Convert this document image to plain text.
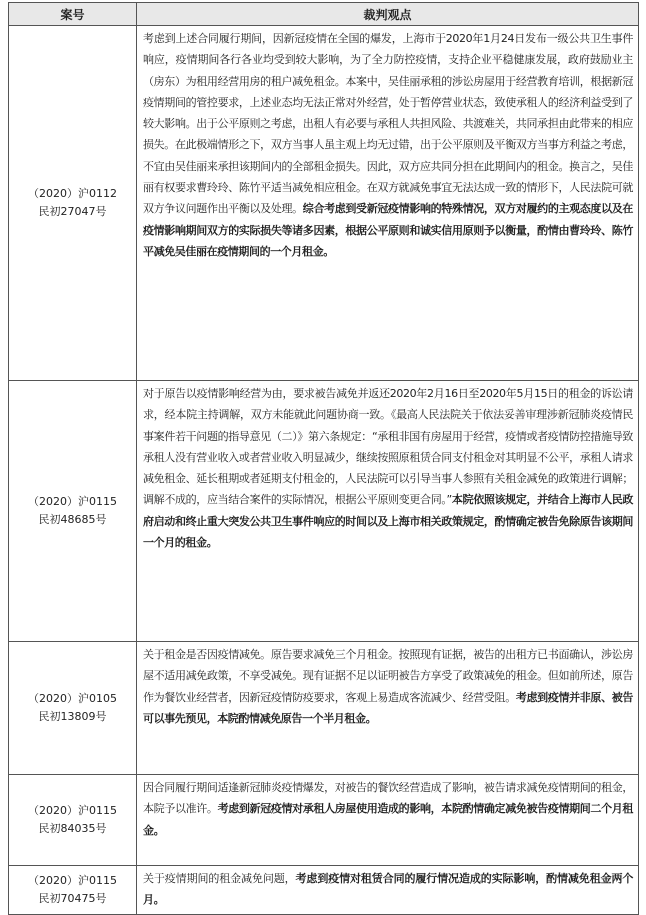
案号	裁判观点

（2020）沪0112
民初27047号	考虑到上述合同履行期间，因新冠疫情在全国的爆发，上海市于2020年1月24日发布一级公共卫生事件响应，疫情期间各行各业均受到较大影响，为了全力防控疫情，支持企业平稳健康发展，政府鼓励业主（房东）为租用经营用房的租户减免租金。本案中，吴佳丽承租的涉讼房屋用于经营教育培训，根据新冠疫情期间的管控要求，上述业态均无法正常对外经营，处于暂停营业状态，致使承租人的经济利益受到了较大影响。出于公平原则之考虑，出租人有必要与承租人共担风险、共渡难关，共同承担由此带来的相应损失。在此极端情形之下，双方当事人虽主观上均无过错，出于公平原则及平衡双方当事方利益之考虑，不宜由吴佳丽来承担该期间内的全部租金损失。因此，双方应共同分担在此期间内的租金。换言之，吴佳丽有权要求曹玲玲、陈竹平适当减免相应租金。在双方就减免事宜无法达成一致的情形下，人民法院可就双方争议问题作出平衡以及处理。综合考虑到受新冠疫情影响的特殊情况，双方对履约的主观态度以及在疫情影响期间双方的实际损失等诸多因素，根据公平原则和诚实信用原则予以衡量，酌情由曹玲玲、陈竹平减免吴佳丽在疫情期间的一个月租金。

（2020）沪0115
民初48685号	对于原告以疫情影响经营为由，要求被告减免并返还2020年2月16日至2020年5月15日的租金的诉讼请求，经本院主持调解，双方未能就此问题协商一致。《最高人民法院关于依法妥善审理涉新冠肺炎疫情民事案件若干问题的指导意见（二）》第六条规定：“承租非国有房屋用于经营，疫情或者疫情防控措施导致承租人没有营业收入或者营业收入明显减少，继续按照原租赁合同支付租金对其明显不公平，承租人请求减免租金、延长租期或者延期支付租金的，人民法院可以引导当事人参照有关租金减免的政策进行调解；调解不成的，应当结合案件的实际情况，根据公平原则变更合同。”本院依照该规定，并结合上海市人民政府启动和终止重大突发公共卫生事件响应的时间以及上海市相关政策规定，酌情确定被告免除原告该期间一个月的租金。

（2020）沪0105
民初13809号	关于租金是否因疫情减免。原告要求减免三个月租金。按照现有证据，被告的出租方已书面确认，涉讼房屋不适用减免政策，不享受减免。现有证据不足以证明被告方享受了政策减免的租金。但如前所述，原告作为餐饮业经营者，因新冠疫情防疫要求，客观上易造成客流减少、经营受阻。考虑到疫情并非原、被告可以事先预见，本院酌情减免原告一个半月租金。

（2020）沪0115
民初84035号	因合同履行期间适逢新冠肺炎疫情爆发，对被告的餐饮经营造成了影响，被告请求减免疫情期间的租金，本院予以准许。考虑到新冠疫情对承租人房屋使用造成的影响，本院酌情确定减免被告疫情期间二个月租金。

（2020）沪0115
民初70475号	关于疫情期间的租金减免问题，考虑到疫情对租赁合同的履行情况造成的实际影响，酌情减免租金两个月。
